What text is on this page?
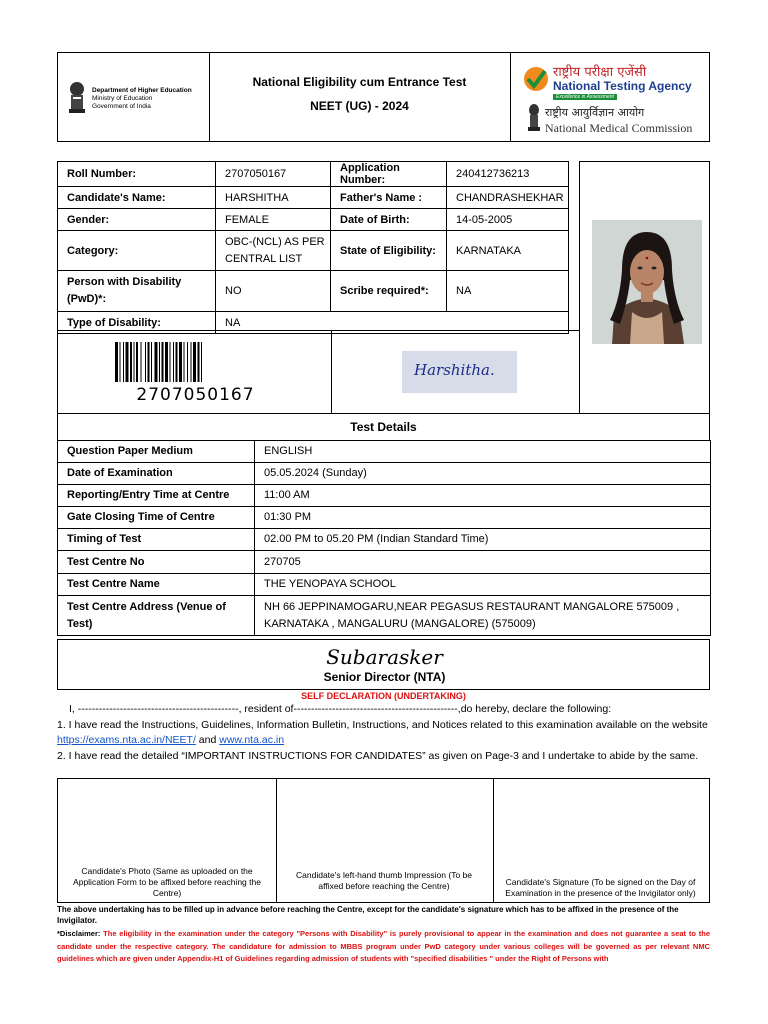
Department of Higher Education
Ministry of Education
Government of India
National Eligibility cum Entrance Test
NEET (UG) - 2024
राष्ट्रीय परीक्षा एजेंसी
National Testing Agency
Excellence in Assessment
राष्ट्रीय आयुर्विज्ञान आयोग
National Medical Commission
Roll Number:	2707050167	Application Number:	240412736213
Candidate's Name:	HARSHITHA	Father's Name :	CHANDRASHEKHAR
Gender:	FEMALE	Date of Birth:	14-05-2005
Category:	OBC-(NCL) AS PER CENTRAL LIST	State of Eligibility:	KARNATAKA
Person with Disability (PwD)*:	NO	Scribe required*:	NA
Type of Disability:	NA		
2707050167
Harshitha.
Test Details
Question Paper Medium	ENGLISH
Date of Examination	05.05.2024 (Sunday)
Reporting/Entry Time at Centre	11:00 AM
Gate Closing Time of Centre	01:30 PM
Timing of Test	02.00 PM to 05.20 PM (Indian Standard Time)
Test Centre No	270705
Test Centre Name	THE YENOPAYA SCHOOL
Test Centre Address (Venue of Test)	NH 66 JEPPINAMOGARU,NEAR PEGASUS RESTAURANT MANGALORE 575009 , KARNATAKA , MANGALURU (MANGALORE) (575009)
Subarasker
Senior Director (NTA)
SELF DECLARATION (UNDERTAKING)
I, ----------------------------------------------, resident of-----------------------------------------------,do hereby, declare the following:
1. I have read the Instructions, Guidelines, Information Bulletin, Instructions, and Notices related to this examination available on the website https://exams.nta.ac.in/NEET/ and www.nta.ac.in
2. I have read the detailed “IMPORTANT INSTRUCTIONS FOR CANDIDATES” as given on Page-3 and I undertake to abide by the same.
Candidate's Photo (Same as uploaded on the Application Form to be affixed before reaching the Centre)
Candidate's left-hand thumb Impression (To be affixed before reaching the Centre)	Candidate's Signature (To be signed on the Day of Examination in the presence of the Invigilator only)
The above undertaking has to be filled up in advance before reaching the Centre, except for the candidate's signature which has to be affixed in the presence of the Invigilator.
*Disclaimer: The eligibility in the examination under the category "Persons with Disability" is purely provisional to appear in the examination and does not guarantee a seat to the candidate under the respective category. The candidature for admission to MBBS program under PwD category under various colleges will be governed as per relevant NMC guidelines which are given under Appendix-H1 of Guidelines regarding admission of students with "specified disabilities " under the Right of Persons with
